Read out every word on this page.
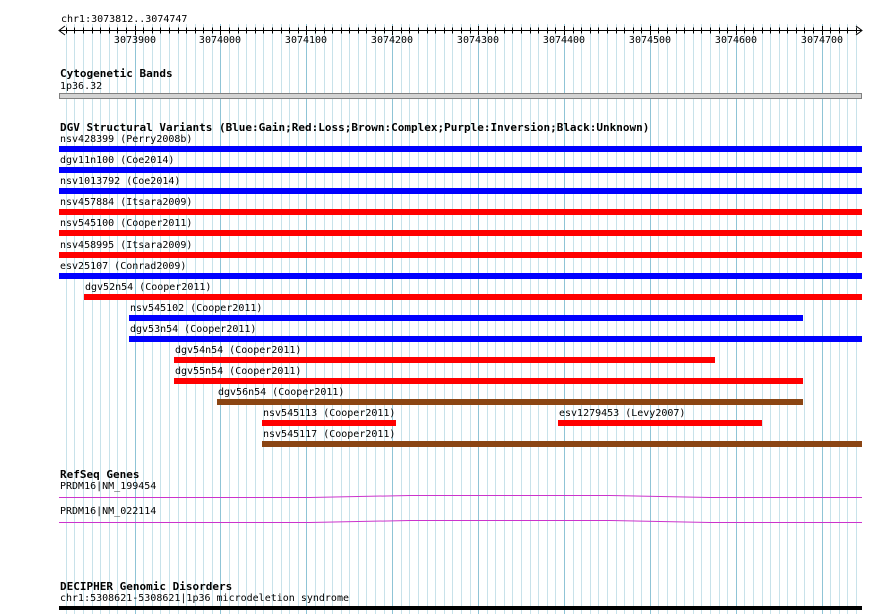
chr1:3073812..3074747
3073900	3074000	3074100	3074200	3074300	3074400	3074500	3074600	3074700
Cytogenetic Bands
1p36.32
DGV Structural Variants (Blue:Gain;Red:Loss;Brown:Complex;Purple:Inversion;Black:Unknown)
nsv428399 (Perry2008b)
dgv11n100 (Coe2014)
nsv1013792 (Coe2014)
nsv457884 (Itsara2009)
nsv545100 (Cooper2011)
nsv458995 (Itsara2009)
esv25107 (Conrad2009)
dgv52n54 (Cooper2011)
nsv545102 (Cooper2011)
dgv53n54 (Cooper2011)
dgv54n54 (Cooper2011)
dgv55n54 (Cooper2011)
dgv56n54 (Cooper2011)
nsv545113 (Cooper2011)	esv1279453 (Levy2007)
nsv545117 (Cooper2011)
RefSeq Genes
PRDM16|NM_199454
PRDM16|NM_022114
DECIPHER Genomic Disorders
chr1:5308621-5308621|1p36 microdeletion syndrome
